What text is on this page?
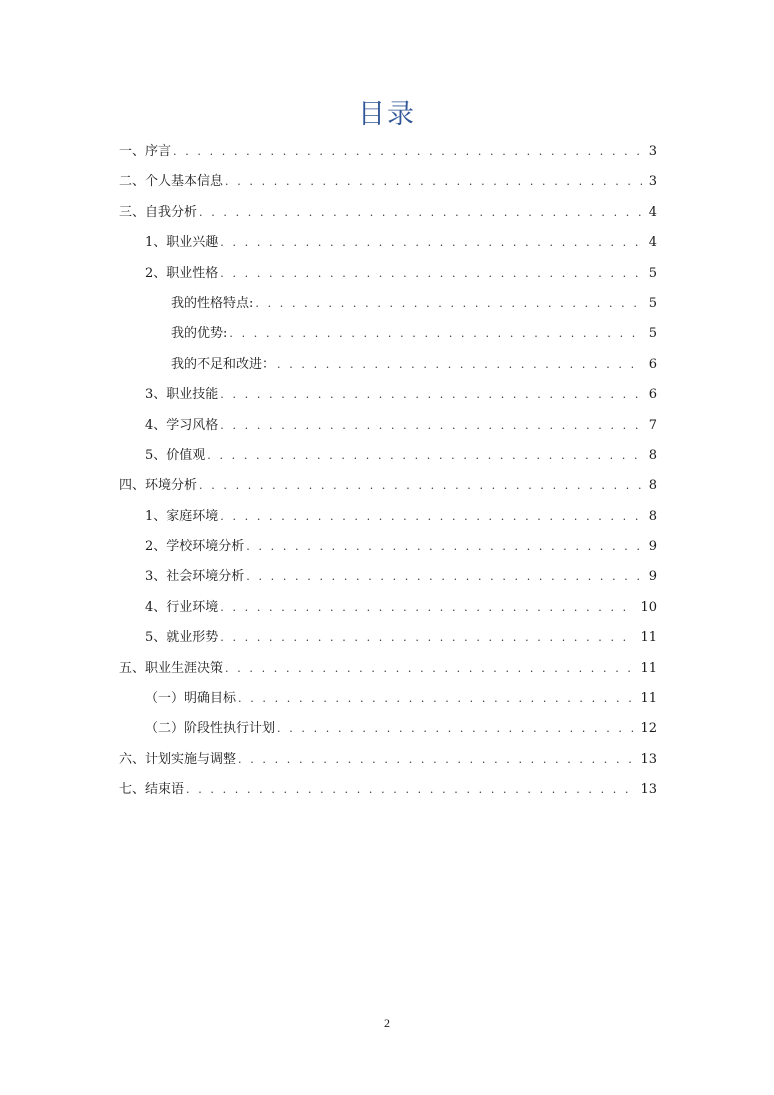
目录
一、序言 . . .	3
二、个人基本信息 . . .	3
三、自我分析 . . .	4
1、职业兴趣 . . .	4
2、职业性格 . . .	5
我的性格特点: . . .	5
我的优势: . . .	5
我的不足和改进： . . .	6
3、职业技能 . . .	6
4、学习风格 . . .	7
5、价值观 . . .	8
四、环境分析 . . .	8
1、家庭环境 . . .	8
2、学校环境分析 . . .	9
3、社会环境分析 . . .	9
4、行业环境 . . .	10
5、就业形势 . . .	11
五、职业生涯决策 . . .	11
（一）明确目标 . . .	11
（二）阶段性执行计划 . . .	12
六、计划实施与调整 . . .	13
七、结束语 . . .	13
2
